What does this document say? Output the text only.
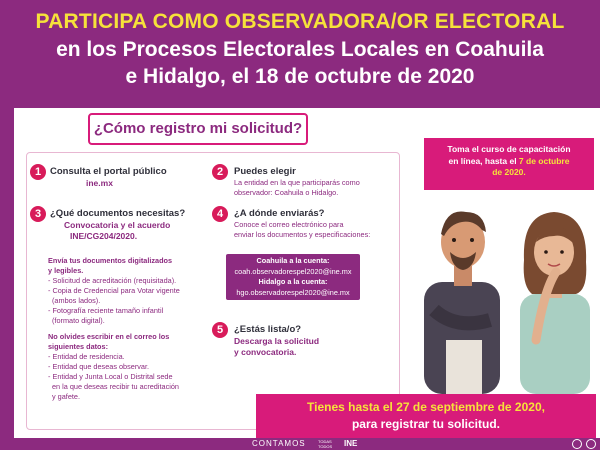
PARTICIPA COMO OBSERVADORA/OR ELECTORAL
en los Procesos Electorales Locales en Coahuila
e Hidalgo, el 18 de octubre de 2020
¿Cómo registro mi solicitud?
1 Consulta el portal público
ine.mx
2	Puedes elegir
La entidad en la que participarás como
observador: Coahuila o Hidalgo.
3 ¿Qué documentos necesitas?
Convocatoria y el acuerdo
INE/CG204/2020.
Envía tus documentos digitalizados
y legibles.
- Solicitud de acreditación (requisitada).
- Copia de Credencial para Votar vigente
(ambos lados).
- Fotografía reciente tamaño infantil
(formato digital).
No olvides escribir en el correo los
siguientes datos:
- Entidad de residencia.
- Entidad que deseas observar.
- Entidad y Junta Local o Distrital sede
en la que deseas recibir tu acreditación
y gafete.
4	¿A dónde enviarás?
Conoce el correo electrónico para
enviar los documentos y especificaciones:
Coahuila a la cuenta:
coah.observadorespel2020@ine.mx
Hidalgo a la cuenta:
hgo.observadorespel2020@ine.mx
5	¿Estás lista/o?
Descarga la solicitud
y convocatoria.
Toma el curso de capacitación
en línea, hasta el 7 de octubre
de 2020.
Tienes hasta el 27 de septiembre de 2020,
para registrar tu solicitud.
CONTAMOS	TODAS TODOS	INE
